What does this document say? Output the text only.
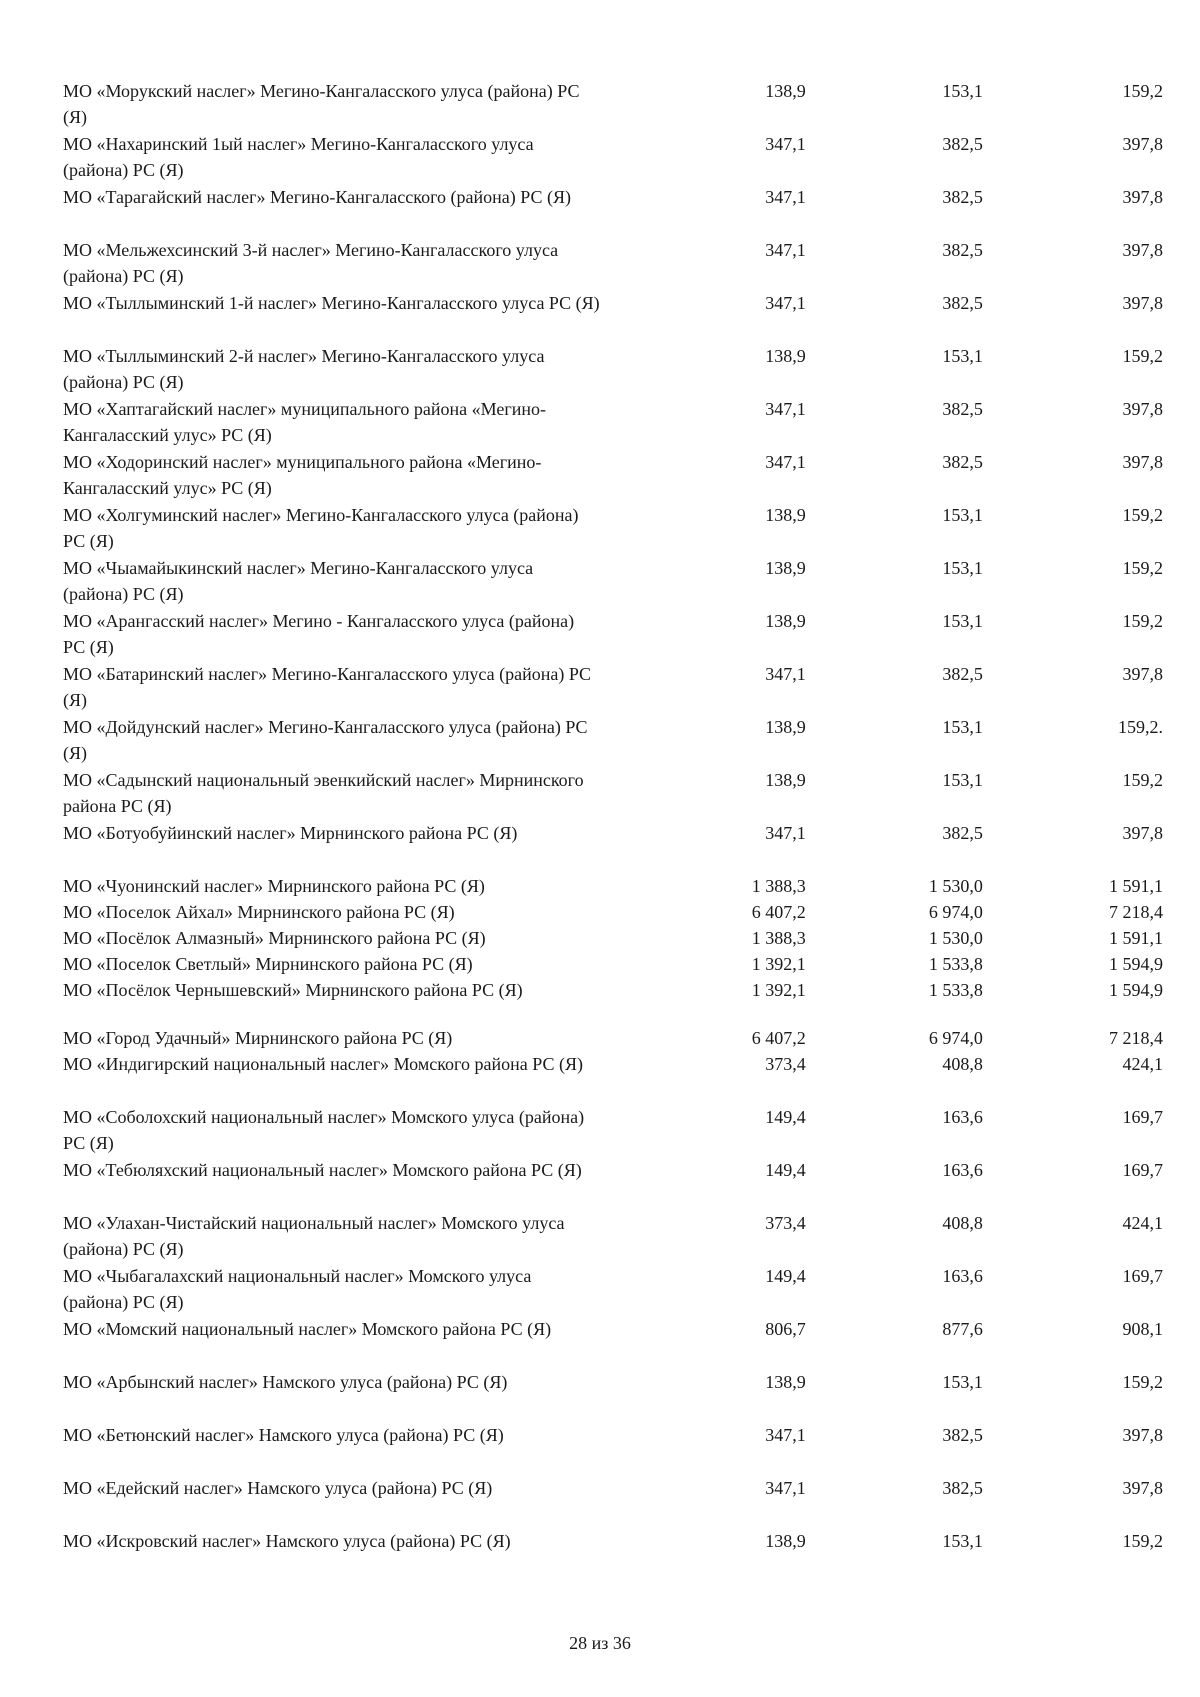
МО «Морукский наслег» Мегино-Кангаласского улуса (района) РС (Я)
138,9	153,1	159,2
МО «Нахаринский 1ый наслег» Мегино-Кангаласского улуса (района) РС (Я)
347,1	382,5	397,8
МО «Тарагайский наслег» Мегино-Кангаласского (района) РС (Я)	347,1	382,5	397,8
МО «Мельжехсинский 3-й наслег» Мегино-Кангаласского улуса (района) РС (Я)
347,1	382,5	397,8
МО «Тыллыминский 1-й наслег» Мегино-Кангаласского улуса РС (Я)	347,1	382,5	397,8
МО «Тыллыминский 2-й наслег» Мегино-Кангаласского улуса (района) РС (Я)
138,9	153,1	159,2
МО «Хаптагайский наслег» муниципального района «Мегино-Кангаласский улус» РС (Я)
347,1	382,5	397,8
МО «Ходоринский наслег» муниципального района «Мегино-Кангаласский улус» РС (Я)
347,1	382,5	397,8
МО «Холгуминский наслег» Мегино-Кангаласского улуса (района) РС (Я)
138,9	153,1	159,2
МО «Чыамайыкинский наслег» Мегино-Кангаласского улуса (района) РС (Я)
138,9	153,1	159,2
МО «Арангасский наслег» Мегино - Кангаласского улуса (района) РС (Я)
138,9	153,1	159,2
МО «Батаринский наслег» Мегино-Кангаласского улуса (района) РС (Я)
347,1	382,5	397,8
МО «Дойдунский наслег» Мегино-Кангаласского улуса (района) РС (Я)
138,9	153,1	159,2.
МО «Садынский национальный эвенкийский наслег» Мирнинского района РС (Я)
138,9	153,1	159,2
МО «Ботуобуйинский наслег» Мирнинского района РС (Я)	347,1	382,5	397,8
МО «Чуонинский наслег» Мирнинского района РС (Я)	1 388,3	1 530,0	1 591,1
МО «Поселок Айхал» Мирнинского района РС (Я)	6 407,2	6 974,0	7 218,4
МО «Посёлок Алмазный» Мирнинского района РС (Я)	1 388,3	1 530,0	1 591,1
МО «Поселок Светлый» Мирнинского района РС (Я)	1 392,1	1 533,8	1 594,9
МО «Посёлок Чернышевский» Мирнинского района РС (Я)	1 392,1	1 533,8	1 594,9
МО «Город Удачный» Мирнинского района РС (Я)	6 407,2	6 974,0	7 218,4
МО «Индигирский национальный наслег» Момского района РС (Я)	373,4	408,8	424,1
МО «Соболохский национальный наслег» Момского улуса (района) РС (Я)
149,4	163,6	169,7
МО «Тебюляхский национальный наслег» Момского района РС (Я)	149,4	163,6	169,7
МО «Улахан-Чистайский национальный наслег» Момского улуса (района) РС (Я)
373,4	408,8	424,1
МО «Чыбагалахский национальный наслег» Момского улуса (района) РС (Я)
149,4	163,6	169,7
МО «Момский национальный наслег» Момского района РС (Я)	806,7	877,6	908,1
МО «Арбынский наслег» Намского улуса (района) РС (Я)	138,9	153,1	159,2
МО «Бетюнский наслег» Намского улуса (района) РС (Я)	347,1	382,5	397,8
МО «Едейский наслег» Намского улуса (района) РС (Я)	347,1	382,5	397,8
МО «Искровский наслег» Намского улуса (района) РС (Я)	138,9	153,1	159,2
28 из 36
